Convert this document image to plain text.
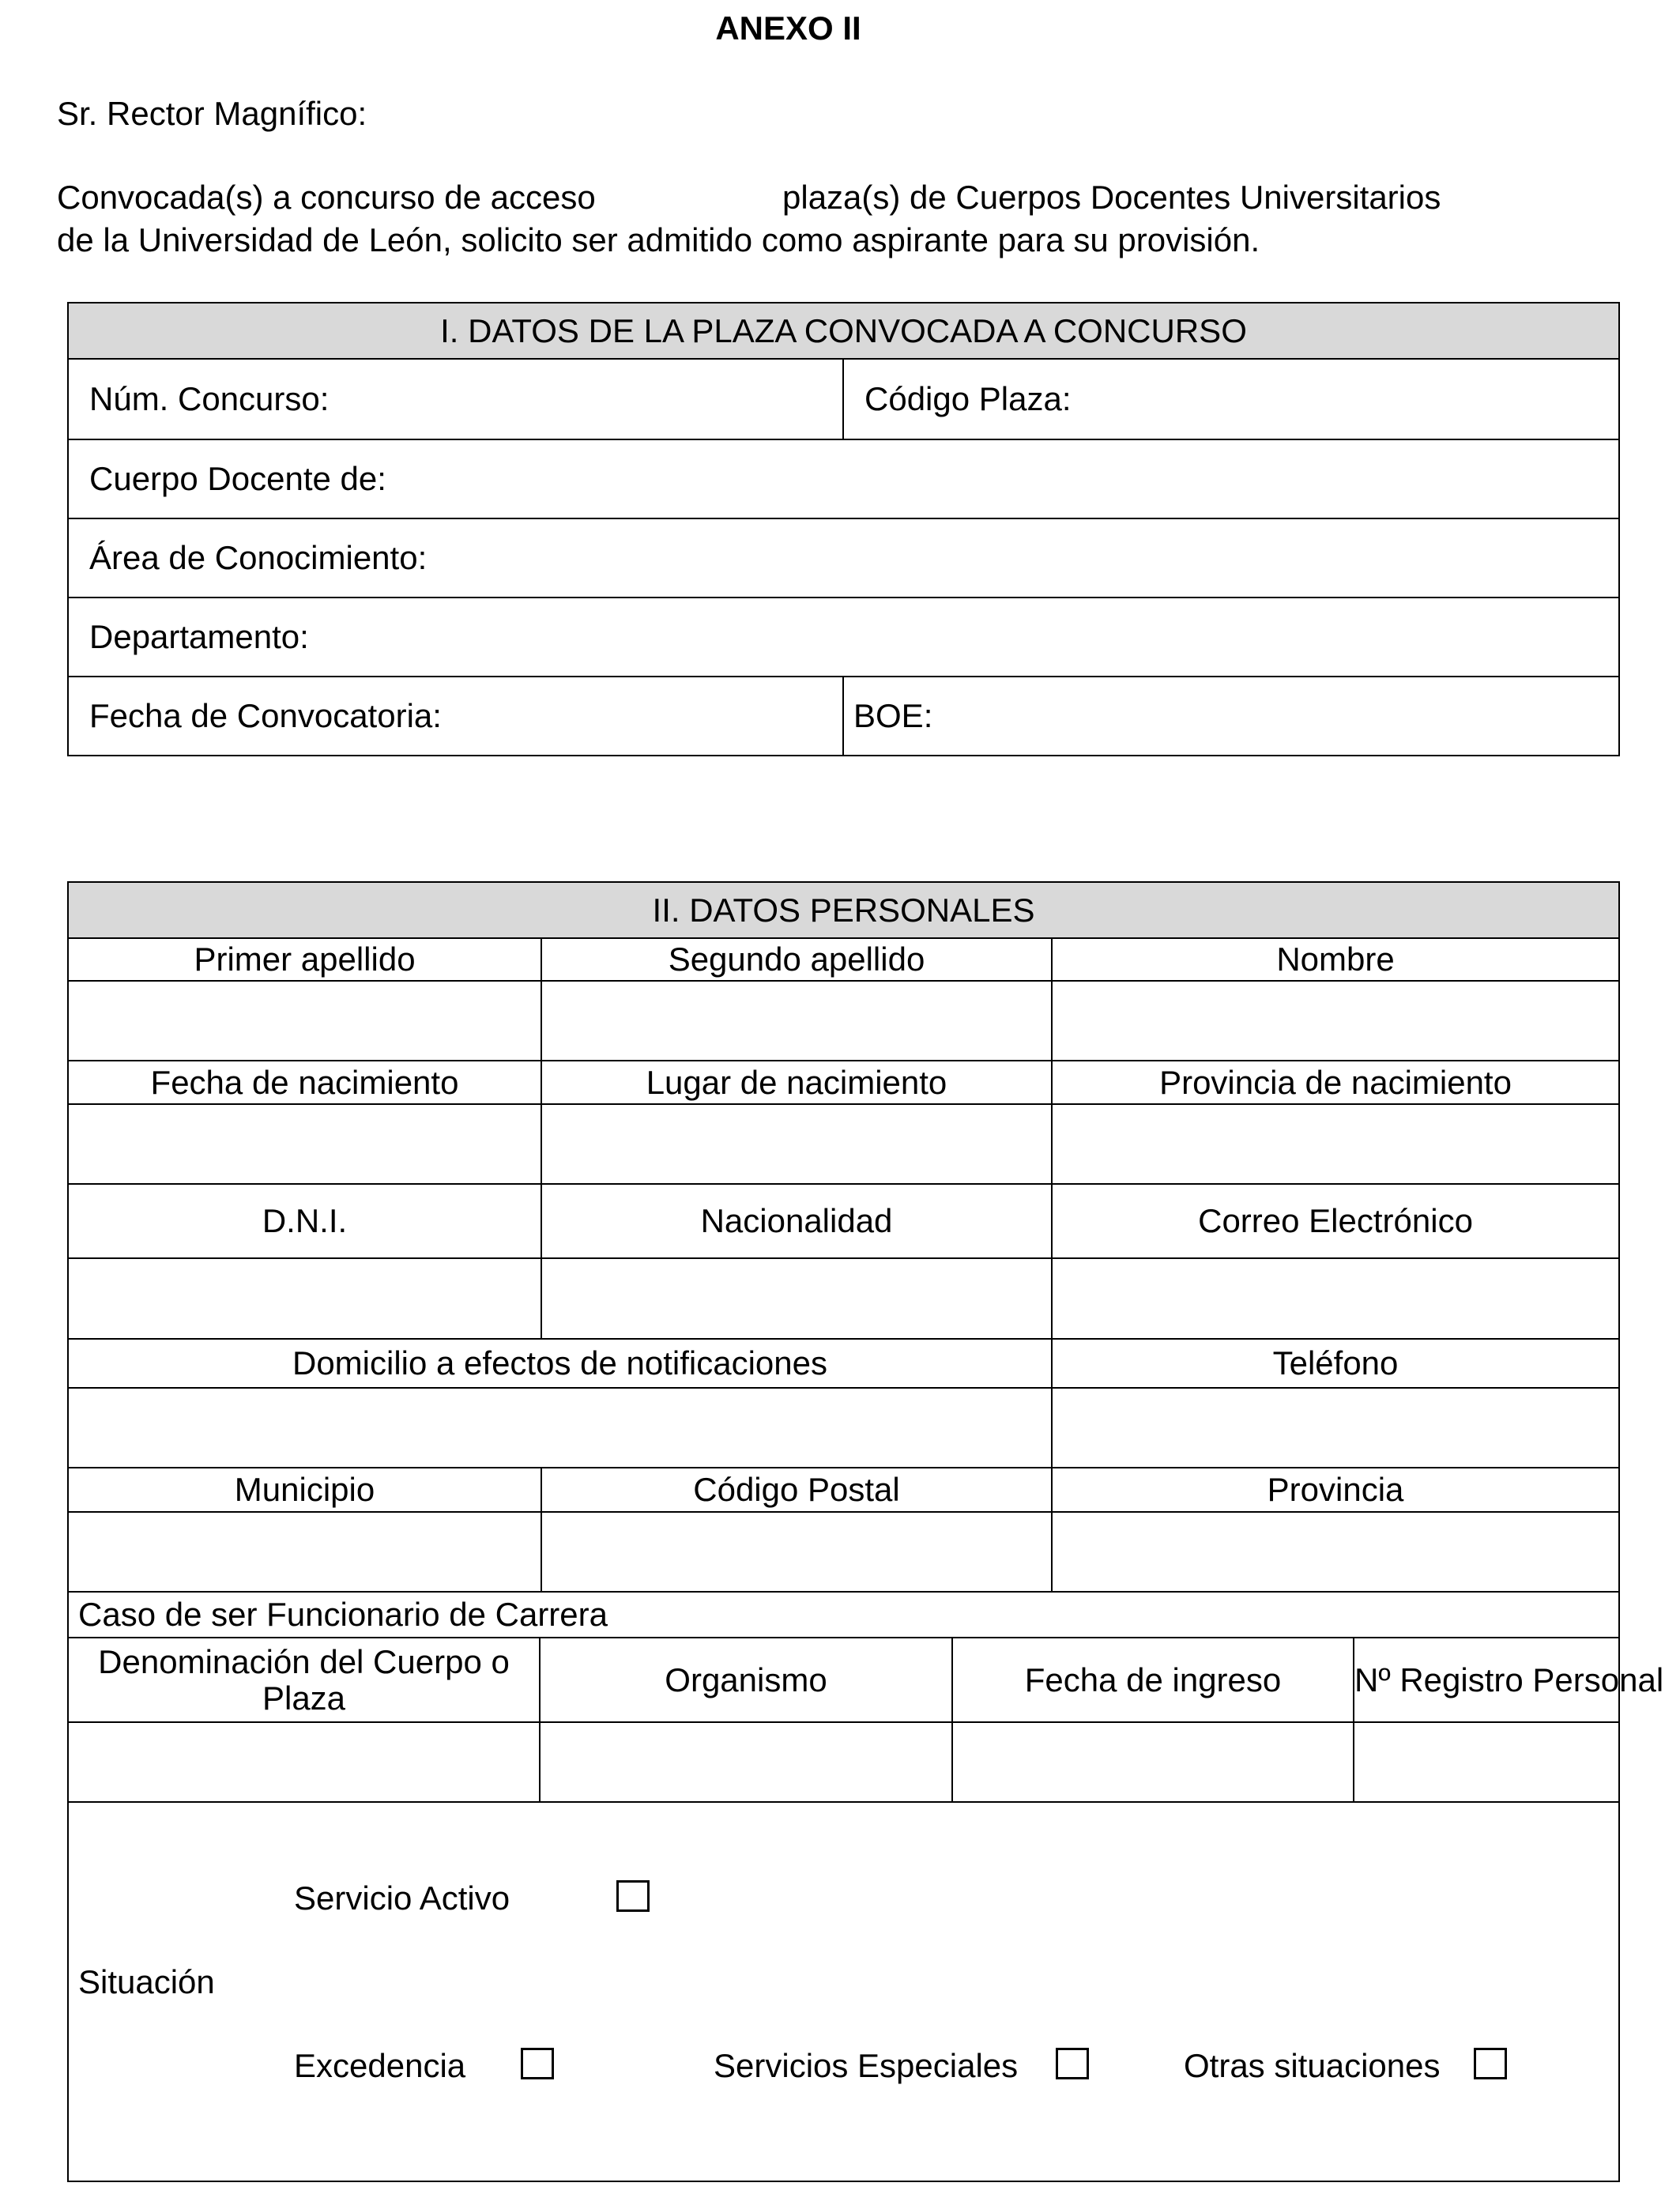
ANEXO II
Sr. Rector Magnífico:
Convocada(s) a concurso de acceso	plaza(s) de Cuerpos Docentes Universitarios
de la Universidad de León, solicito ser admitido como aspirante para su provisión.
I. DATOS DE LA PLAZA CONVOCADA A CONCURSO	
Núm. Concurso:	Código Plaza:
Cuerpo Docente de:	
Área de Conocimiento:	
Departamento:	
Fecha de Convocatoria:	BOE:
II. DATOS PERSONALES					
Primer apellido		Segundo apellido		Nombre	

Fecha de nacimiento		Lugar de nacimiento		Provincia de nacimiento	

D.N.I.		Nacionalidad		Correo Electrónico	

Domicilio a efectos de notificaciones				Teléfono	

Municipio		Código Postal		Provincia	

Caso de ser Funcionario de Carrera					
Denominación del Cuerpo o Plaza	Organismo		Fecha de ingreso		Nº Registro Personal

Servicio Activo
Situación
Excedencia Servicios Especiales Otras situaciones					
